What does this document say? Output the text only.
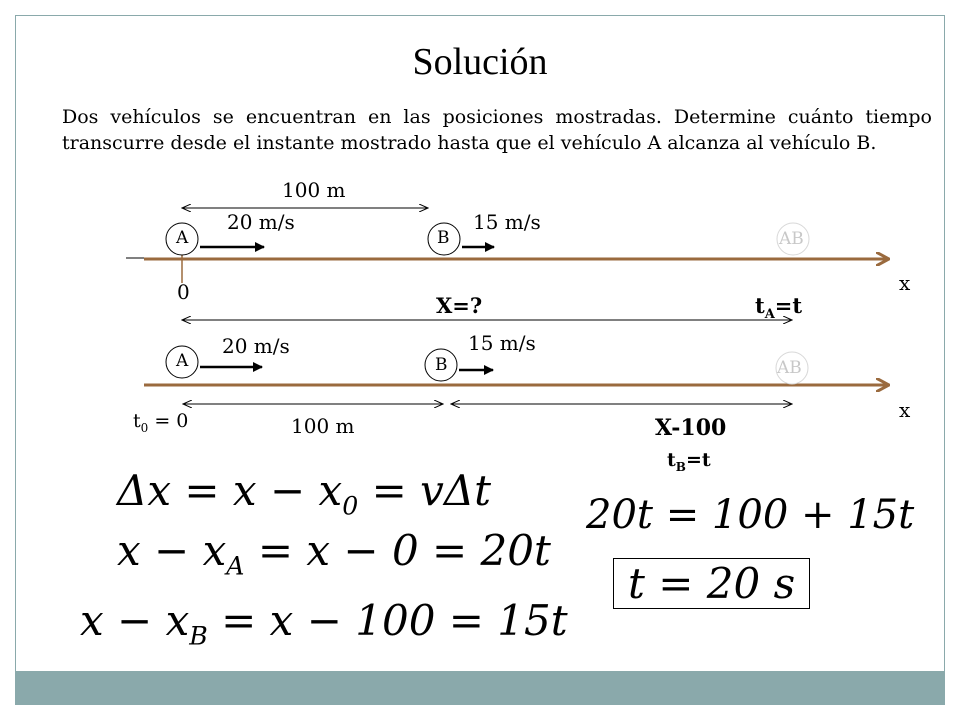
Solución
Dos vehículos se encuentran en las posiciones mostradas. Determine cuánto tiempo transcurre desde el instante mostrado hasta que el vehículo A alcanza al vehículo B.
100 m
20 m/s	15 m/s
A	B	AB
x
0
X=?	$t_A=t$
20 m/s	15 m/s
A	B	AB
x
$t_0 = 0$	100 m	X-100
$t_B=t$
$\Delta x = x - x_0 = v\Delta t$
$x - x_A = x - 0 = 20t$
$x - x_B = x - 100 = 15t$
20t = 100 + 15t
t = 20 s
